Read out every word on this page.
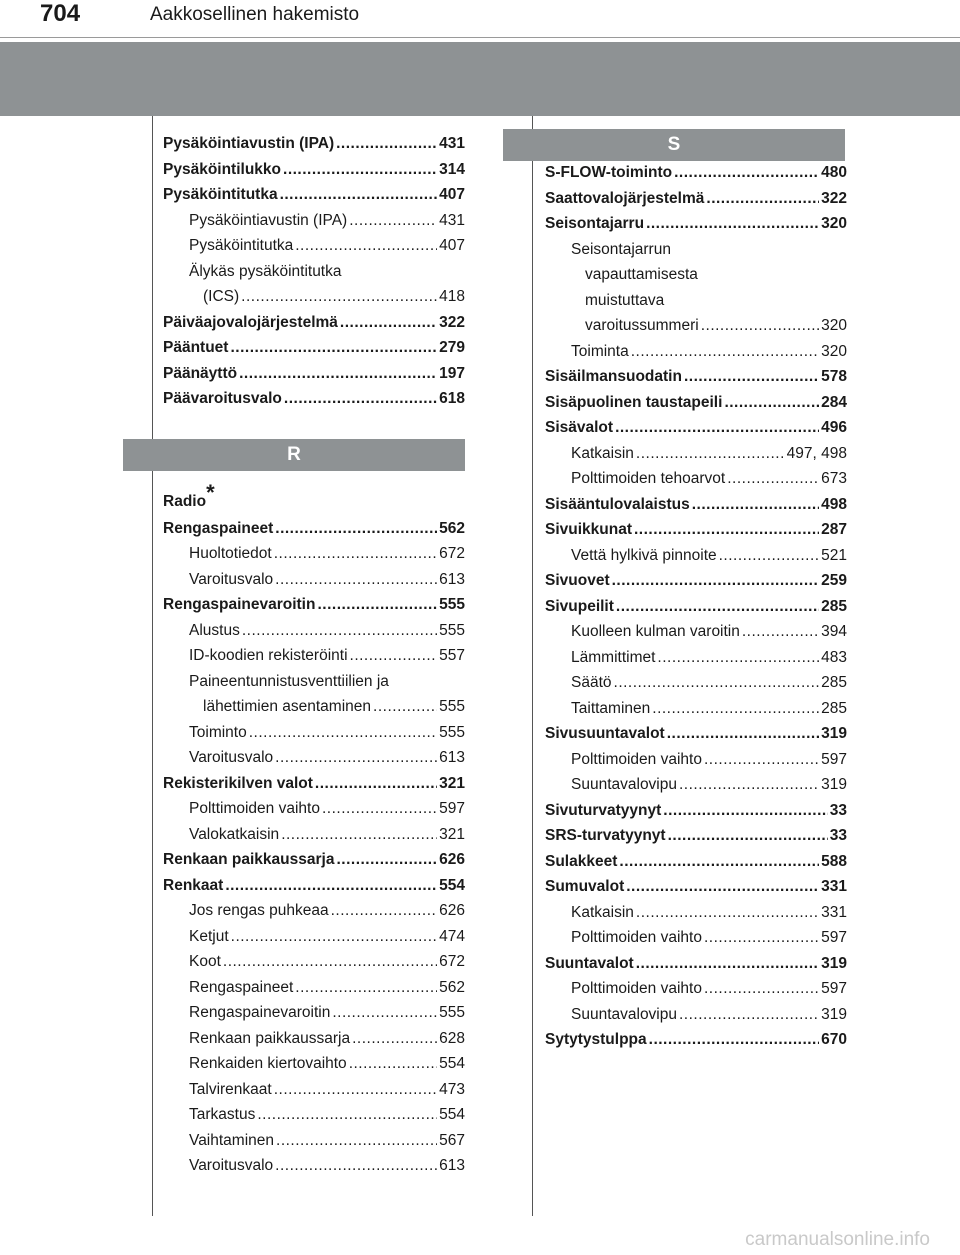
704	Aakkosellinen hakemisto
R
S
Pysäköintiavustin (IPA) .....	431
Pysäköintilukko .....	314
Pysäköintitutka .....	407
Pysäköintiavustin (IPA) .....	431
Pysäköintitutka .....	407
Älykäs pysäköintitutka
(ICS) .....	418
Päiväajovalojärjestelmä .....	322
Pääntuet .....	279
Päänäyttö .....	197
Päävaroitusvalo .....	618
Radio*
Rengaspaineet .....	562
Huoltotiedot .....	672
Varoitusvalo .....	613
Rengaspainevaroitin .....	555
Alustus .....	555
ID-koodien rekisteröinti .....	557
Paineentunnistusventtiilien ja
lähettimien asentaminen .....	555
Toiminto .....	555
Varoitusvalo .....	613
Rekisterikilven valot .....	321
Polttimoiden vaihto .....	597
Valokatkaisin .....	321
Renkaan paikkaussarja .....	626
Renkaat .....	554
Jos rengas puhkeaa .....	626
Ketjut .....	474
Koot .....	672
Rengaspaineet .....	562
Rengaspainevaroitin .....	555
Renkaan paikkaussarja .....	628
Renkaiden kiertovaihto .....	554
Talvirenkaat .....	473
Tarkastus .....	554
Vaihtaminen .....	567
Varoitusvalo .....	613
S-FLOW-toiminto .....	480
Saattovalojärjestelmä .....	322
Seisontajarru .....	320
Seisontajarrun
vapauttamisesta
muistuttava
varoitussummeri .....	320
Toiminta .....	320
Sisäilmansuodatin .....	578
Sisäpuolinen taustapeili .....	284
Sisävalot .....	496
Katkaisin .....	497, 498
Polttimoiden tehoarvot .....	673
Sisääntulovalaistus .....	498
Sivuikkunat .....	287
Vettä hylkivä pinnoite .....	521
Sivuovet .....	259
Sivupeilit .....	285
Kuolleen kulman varoitin .....	394
Lämmittimet .....	483
Säätö .....	285
Taittaminen .....	285
Sivusuuntavalot .....	319
Polttimoiden vaihto .....	597
Suuntavalovipu .....	319
Sivuturvatyynyt .....	33
SRS-turvatyynyt .....	33
Sulakkeet .....	588
Sumuvalot .....	331
Katkaisin .....	331
Polttimoiden vaihto .....	597
Suuntavalot .....	319
Polttimoiden vaihto .....	597
Suuntavalovipu .....	319
Sytytystulppa .....	670
carmanualsonline.info
